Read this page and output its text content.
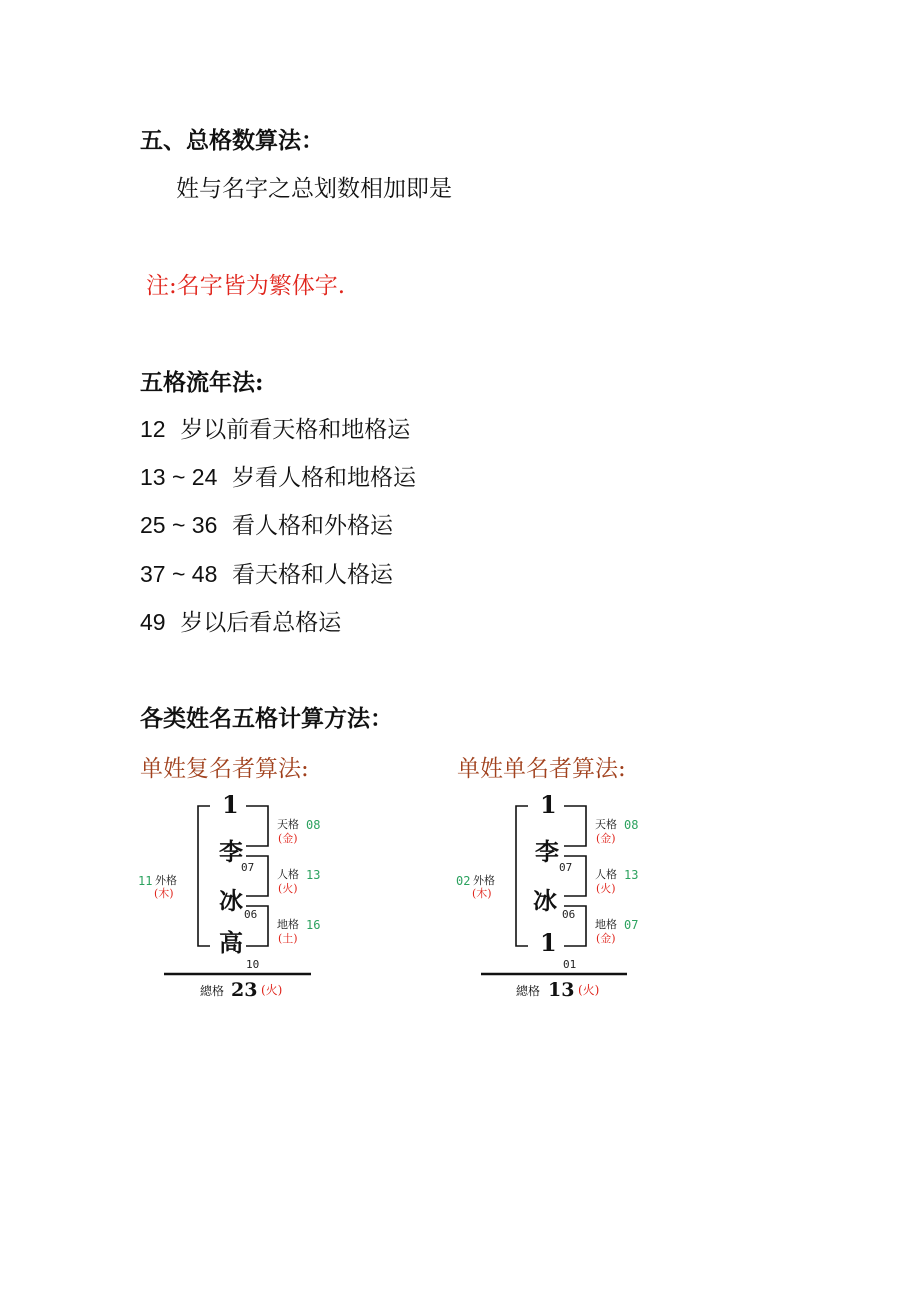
五、总格数算法：
姓与名字之总划数相加即是
注:名字皆为繁体字.
五格流年法:
12 岁以前看天格和地格运
13 ~ 24 岁看人格和地格运
25 ~ 36 看人格和外格运
37 ~ 48 看天格和人格运
49 岁以后看总格运
各类姓名五格计算方法：
单姓复名者算法:	单姓单名者算法:
1
李
冰
高
07
06
10
天格 08
(金)
人格 13
(火)
地格 16
(土)
11 外格
(木)
總格 23 (火)
1
李
冰
1
07
06
01
天格 08
(金)
人格 13
(火)
地格 07
(金)
02 外格
(木)
總格 13 (火)
